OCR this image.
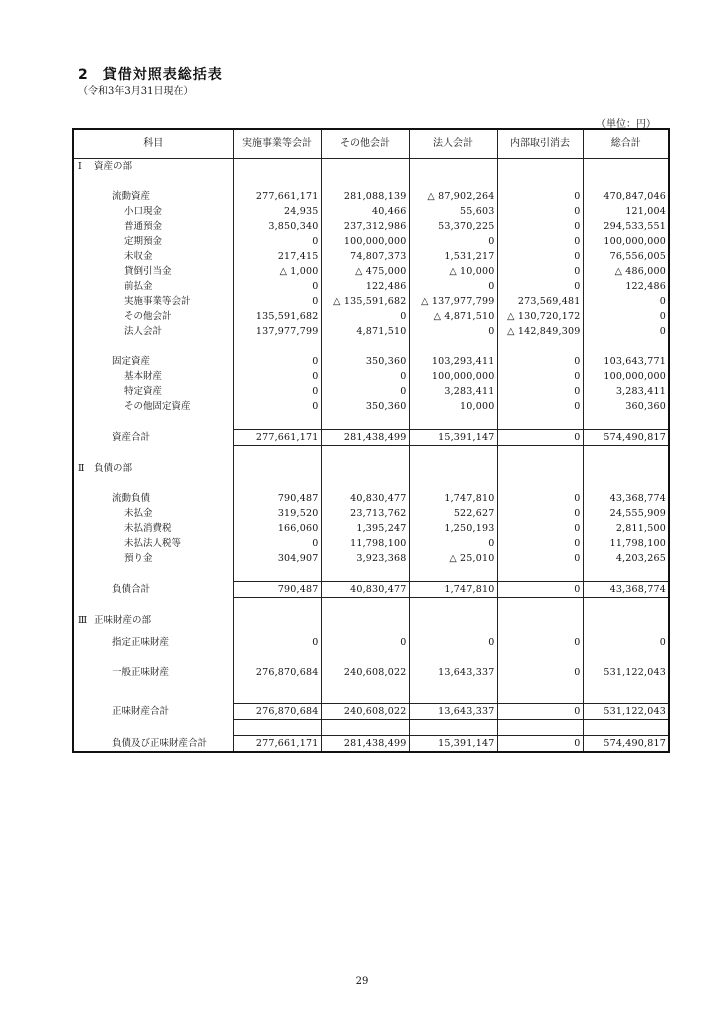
2 貸借対照表総括表
（令和3年3月31日現在）
（単位：円）
科目	実施事業等会計	その他会計	法人会計	内部取引消去	総合計
Ⅰ 資産の部					

流動資産	277,661,171	281,088,139	△ 87,902,264	0	470,847,046
小口現金	24,935	40,466	55,603	0	121,004
普通預金	3,850,340	237,312,986	53,370,225	0	294,533,551
定期預金	0	100,000,000	0	0	100,000,000
未収金	217,415	74,807,373	1,531,217	0	76,556,005
貸倒引当金	△ 1,000	△ 475,000	△ 10,000	0	△ 486,000
前払金	0	122,486	0	0	122,486
実施事業等会計	0	△ 135,591,682	△ 137,977,799	273,569,481	0
その他会計	135,591,682	0	△ 4,871,510	△ 130,720,172	0
法人会計	137,977,799	4,871,510	0	△ 142,849,309	0

固定資産	0	350,360	103,293,411	0	103,643,771
基本財産	0	0	100,000,000	0	100,000,000
特定資産	0	0	3,283,411	0	3,283,411
その他固定資産	0	350,360	10,000	0	360,360

資産合計	277,661,171	281,438,499	15,391,147	0	574,490,817

Ⅱ 負債の部					

流動負債	790,487	40,830,477	1,747,810	0	43,368,774
未払金	319,520	23,713,762	522,627	0	24,555,909
未払消費税	166,060	1,395,247	1,250,193	0	2,811,500
未払法人税等	0	11,798,100	0	0	11,798,100
預り金	304,907	3,923,368	△ 25,010	0	4,203,265

負債合計	790,487	40,830,477	1,747,810	0	43,368,774

Ⅲ 正味財産の部					
指定正味財産	0	0	0	0	0
一般正味財産	276,870,684	240,608,022	13,643,337	0	531,122,043

正味財産合計	276,870,684	240,608,022	13,643,337	0	531,122,043

負債及び正味財産合計	277,661,171	281,438,499	15,391,147	0	574,490,817
29
